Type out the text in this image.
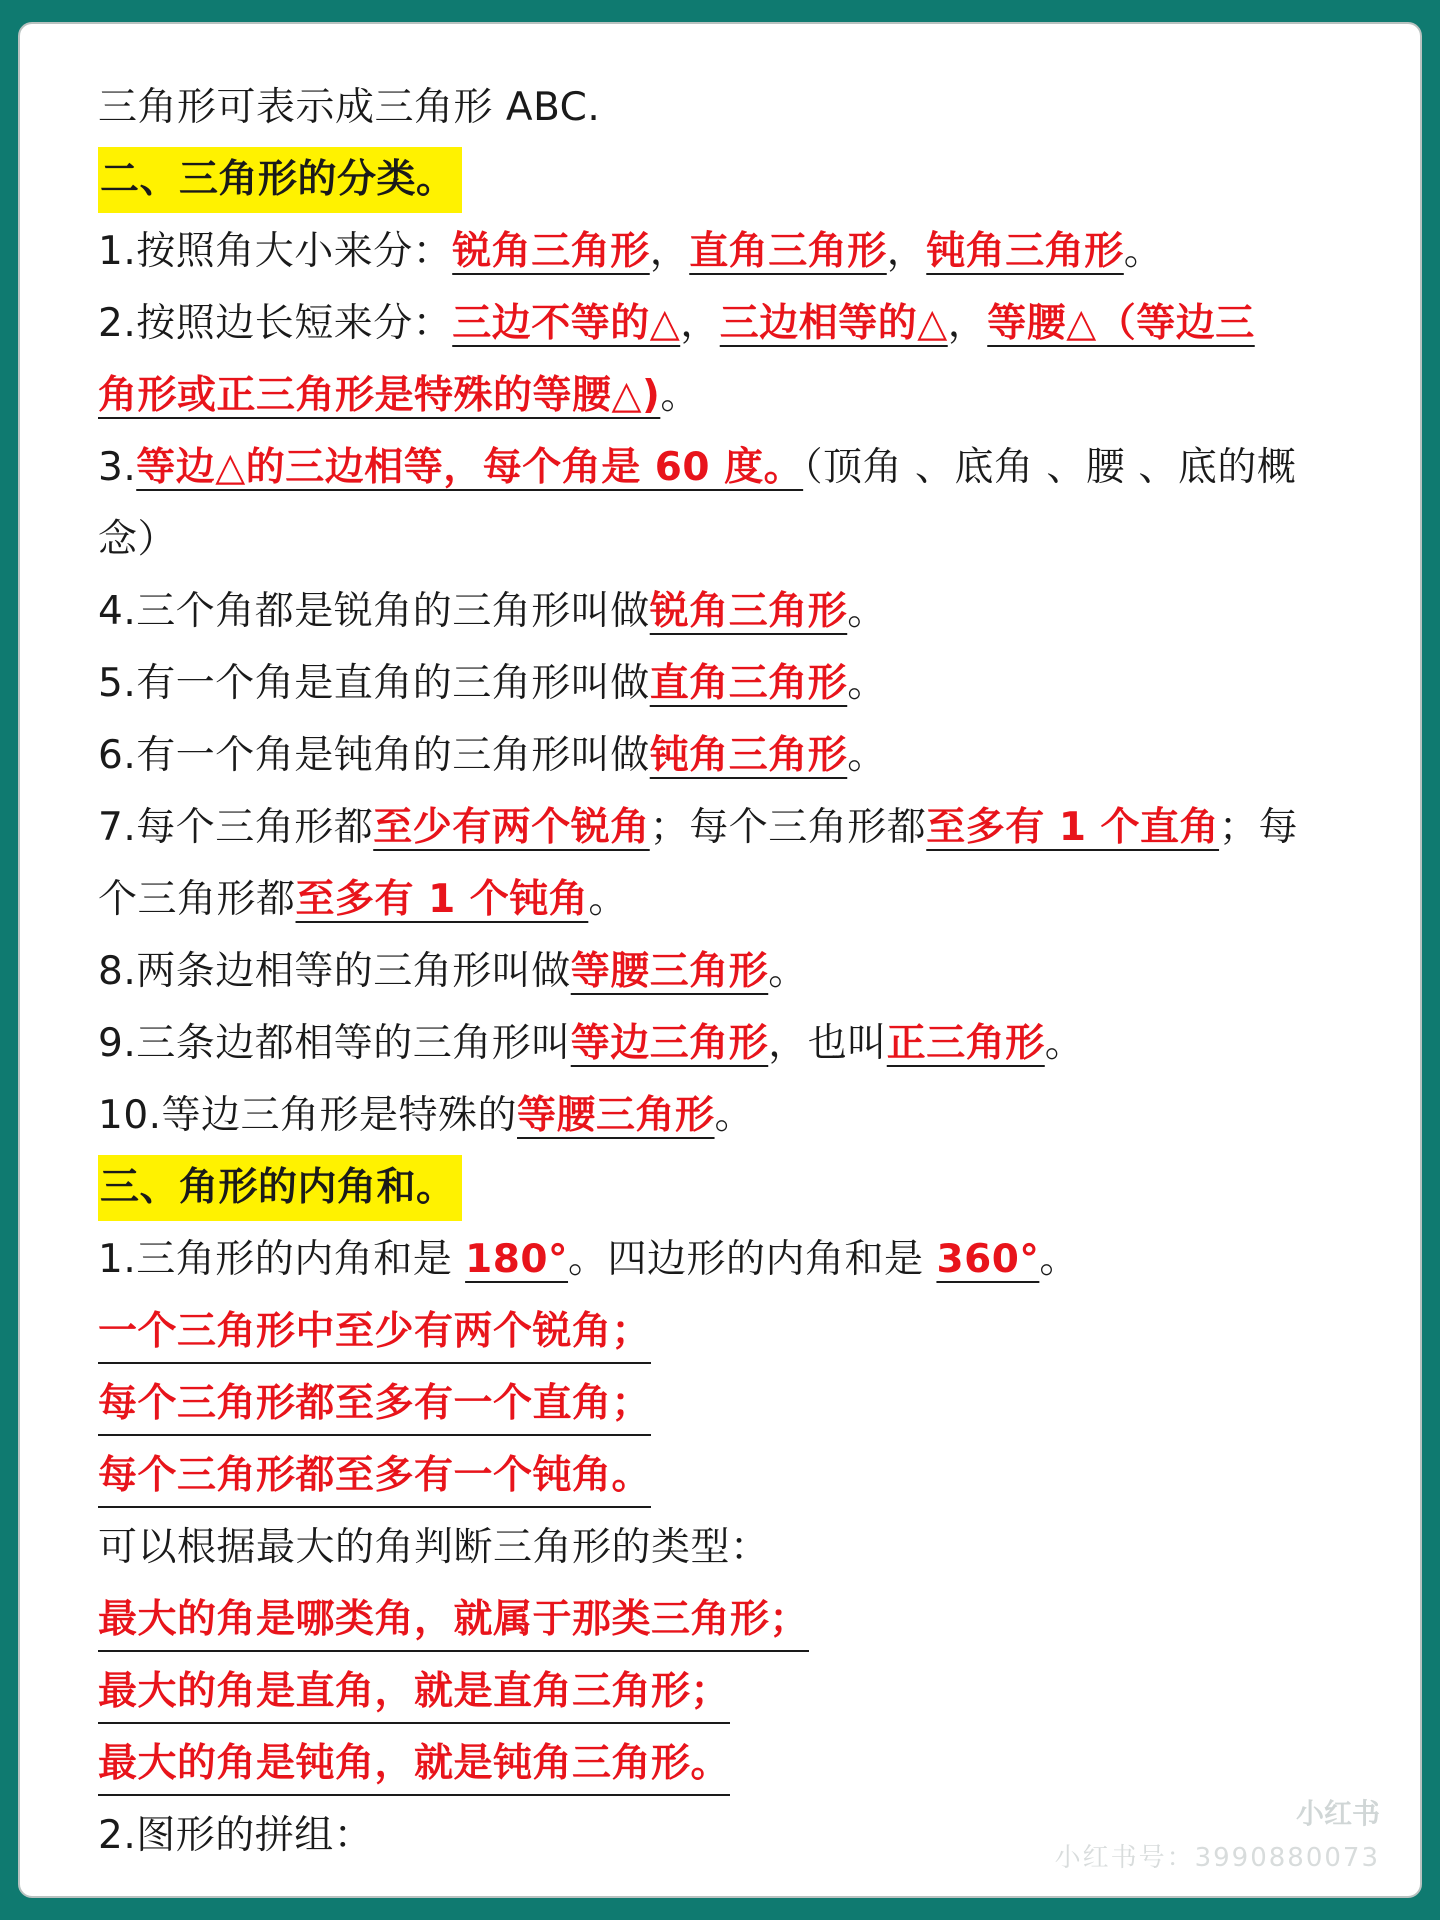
三角形可表示成三角形 ABC.
二、三角形的分类。
1.按照角大小来分：锐角三角形，直角三角形，钝角三角形。
2.按照边长短来分：三边不等的△，三边相等的△，等腰△（等边三
角形或正三角形是特殊的等腰△)。
3.等边△的三边相等，每个角是 60 度。（顶角 、底角 、腰 、底的概
念）
4.三个角都是锐角的三角形叫做锐角三角形。
5.有一个角是直角的三角形叫做直角三角形。
6.有一个角是钝角的三角形叫做钝角三角形。
7.每个三角形都至少有两个锐角；每个三角形都至多有 1 个直角；每
个三角形都至多有 1 个钝角。
8.两条边相等的三角形叫做等腰三角形。
9.三条边都相等的三角形叫等边三角形，也叫正三角形。
10.等边三角形是特殊的等腰三角形。
三、角形的内角和。
1.三角形的内角和是 180°。四边形的内角和是 360°。
一个三角形中至少有两个锐角；
每个三角形都至多有一个直角；
每个三角形都至多有一个钝角。
可以根据最大的角判断三角形的类型：
最大的角是哪类角，就属于那类三角形；
最大的角是直角，就是直角三角形；
最大的角是钝角，就是钝角三角形。
2.图形的拼组：	小红书
小红书号：3990880073
